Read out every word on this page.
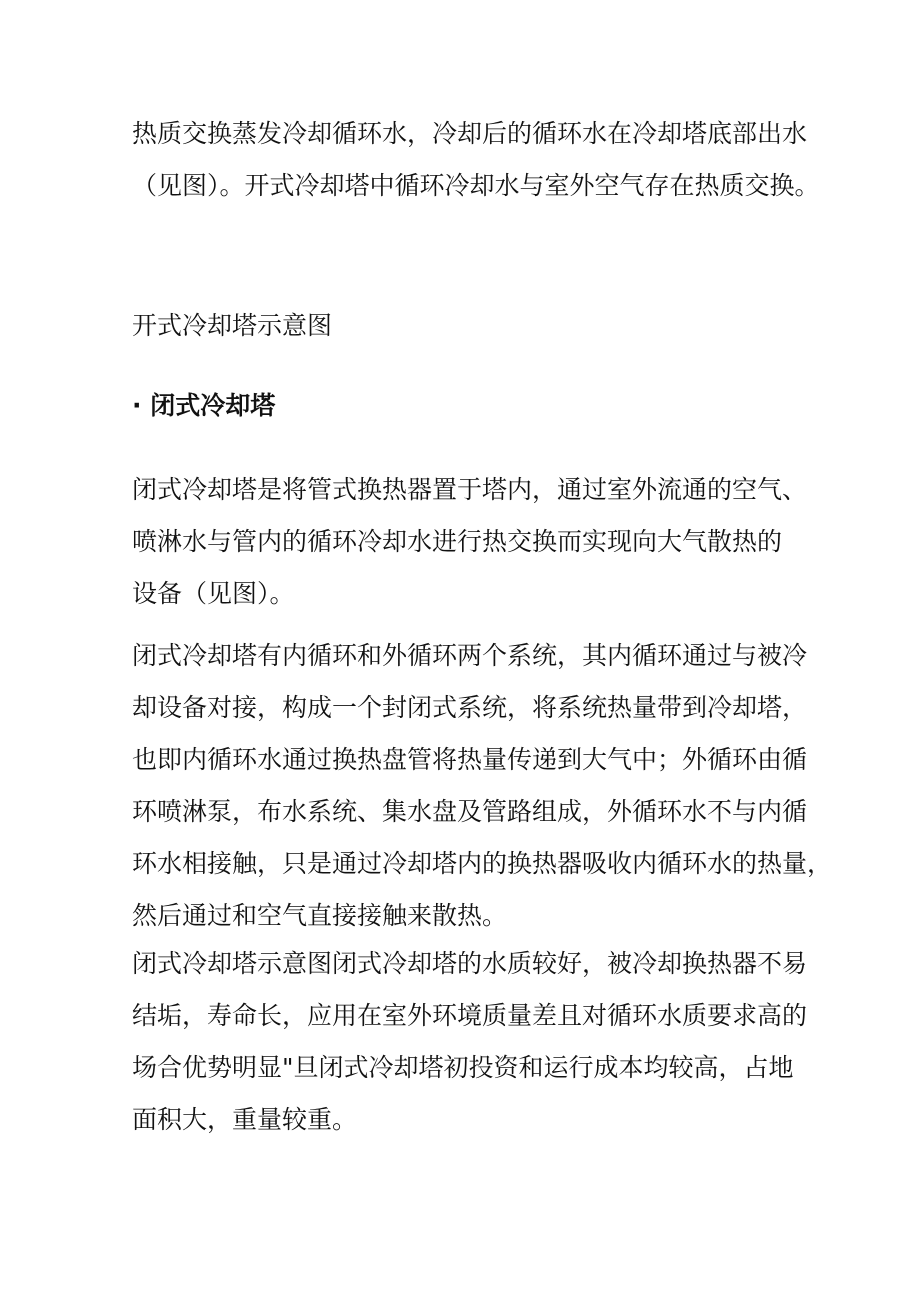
热质交换蒸发冷却循环水，冷却后的循环水在冷却塔底部出水
（见图）。开式冷却塔中循环冷却水与室外空气存在热质交换。

开式冷却塔示意图

· 闭式冷却塔

闭式冷却塔是将管式换热器置于塔内，通过室外流通的空气、
喷淋水与管内的循环冷却水进行热交换而实现向大气散热的
设备（见图）。

闭式冷却塔有内循环和外循环两个系统，其内循环通过与被冷
却设备对接，构成一个封闭式系统，将系统热量带到冷却塔，
也即内循环水通过换热盘管将热量传递到大气中；外循环由循
环喷淋泵，布水系统、集水盘及管路组成，外循环水不与内循
环水相接触，只是通过冷却塔内的换热器吸收内循环水的热量，
然后通过和空气直接接触来散热。

闭式冷却塔示意图闭式冷却塔的水质较好，被冷却换热器不易
结垢，寿命长，应用在室外环境质量差且对循环水质要求高的
场合优势明显"旦闭式冷却塔初投资和运行成本均较高，占地
面积大，重量较重。
